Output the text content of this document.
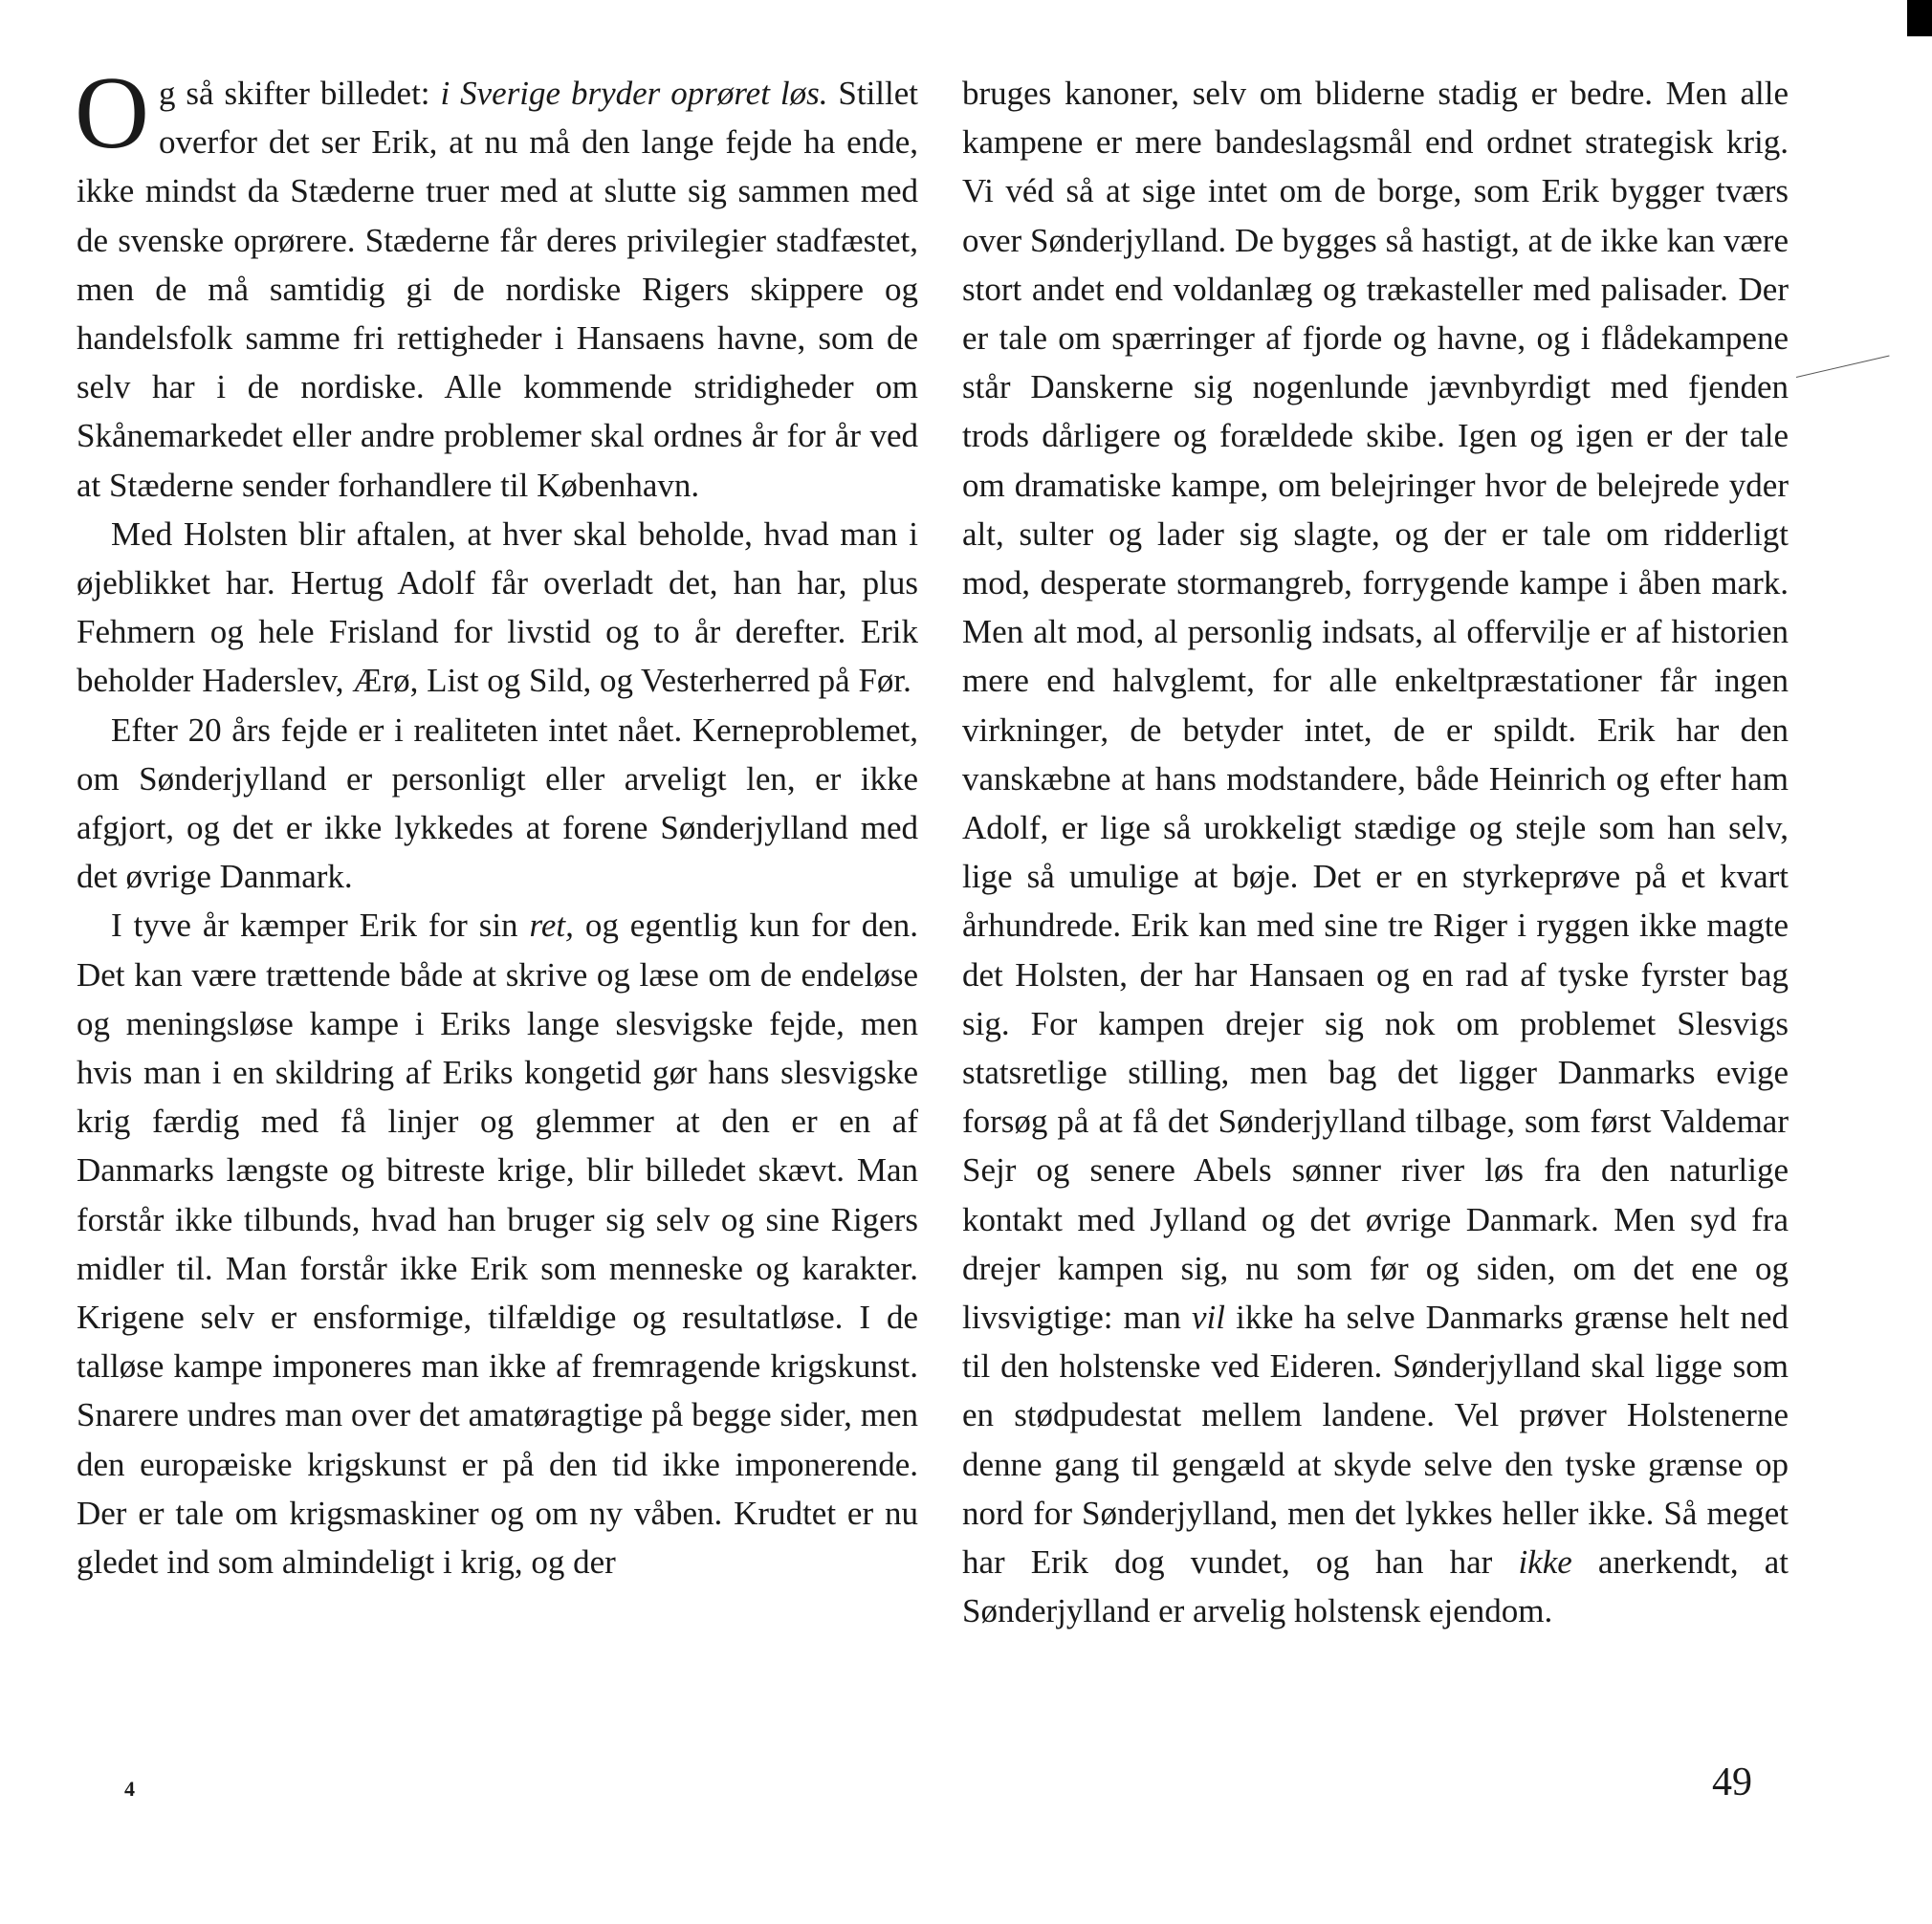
Og så skifter billedet: i Sverige bryder oprøret løs. Stillet overfor det ser Erik, at nu må den lange fejde ha ende, ikke mindst da Stæderne truer med at slutte sig sammen med de svenske oprørere. Stæderne får deres privilegier stadfæstet, men de må samtidig gi de nordiske Rigers skippere og handelsfolk samme fri rettigheder i Hansaens havne, som de selv har i de nordiske. Alle kommende stridigheder om Skånemarkedet eller andre problemer skal ordnes år for år ved at Stæderne sender forhandlere til København.

Med Holsten blir aftalen, at hver skal beholde, hvad man i øjeblikket har. Hertug Adolf får overladt det, han har, plus Fehmern og hele Frisland for livstid og to år derefter. Erik beholder Haderslev, Ærø, List og Sild, og Vesterherred på Før.

Efter 20 års fejde er i realiteten intet nået. Kerneproblemet, om Sønderjylland er personligt eller arveligt len, er ikke afgjort, og det er ikke lykkedes at forene Sønderjylland med det øvrige Danmark.

I tyve år kæmper Erik for sin ret, og egentlig kun for den. Det kan være trættende både at skrive og læse om de endeløse og meningsløse kampe i Eriks lange slesvigske fejde, men hvis man i en skildring af Eriks kongetid gør hans slesvigske krig færdig med få linjer og glemmer at den er en af Danmarks længste og bitreste krige, blir billedet skævt. Man forstår ikke tilbunds, hvad han bruger sig selv og sine Rigers midler til. Man forstår ikke Erik som menneske og karakter. Krigene selv er ensformige, tilfældige og resultatløse. I de talløse kampe imponeres man ikke af fremragende krigskunst. Snarere undres man over det amatøragtige på begge sider, men den europæiske krigskunst er på den tid ikke imponerende. Der er tale om krigsmaskiner og om ny våben. Krudtet er nu gledet ind som almindeligt i krig, og der

bruges kanoner, selv om bliderne stadig er bedre. Men alle kampene er mere bandeslagsmål end ordnet strategisk krig. Vi véd så at sige intet om de borge, som Erik bygger tværs over Sønderjylland. De bygges så hastigt, at de ikke kan være stort andet end voldanlæg og trækasteller med palisader. Der er tale om spærringer af fjorde og havne, og i flådekampene står Danskerne sig nogenlunde jævnbyrdigt med fjenden trods dårligere og forældede skibe. Igen og igen er der tale om dramatiske kampe, om belejringer hvor de belejrede yder alt, sulter og lader sig slagte, og der er tale om ridderligt mod, desperate stormangreb, forrygende kampe i åben mark. Men alt mod, al personlig indsats, al offervilje er af historien mere end halvglemt, for alle enkeltpræstationer får ingen virkninger, de betyder intet, de er spildt. Erik har den vanskæbne at hans modstandere, både Heinrich og efter ham Adolf, er lige så urokkeligt stædige og stejle som han selv, lige så umulige at bøje. Det er en styrkeprøve på et kvart århundrede. Erik kan med sine tre Riger i ryggen ikke magte det Holsten, der har Hansaen og en rad af tyske fyrster bag sig. For kampen drejer sig nok om problemet Slesvigs statsretlige stilling, men bag det ligger Danmarks evige forsøg på at få det Sønderjylland tilbage, som først Valdemar Sejr og senere Abels sønner river løs fra den naturlige kontakt med Jylland og det øvrige Danmark. Men syd fra drejer kampen sig, nu som før og siden, om det ene og livsvigtige: man vil ikke ha selve Danmarks grænse helt ned til den holstenske ved Eideren. Sønderjylland skal ligge som en stødpudestat mellem landene. Vel prøver Holstenerne denne gang til gengæld at skyde selve den tyske grænse op nord for Sønderjylland, men det lykkes heller ikke. Så meget har Erik dog vundet, og han har ikke anerkendt, at Sønderjylland er arvelig holstensk ejendom.

4	49
